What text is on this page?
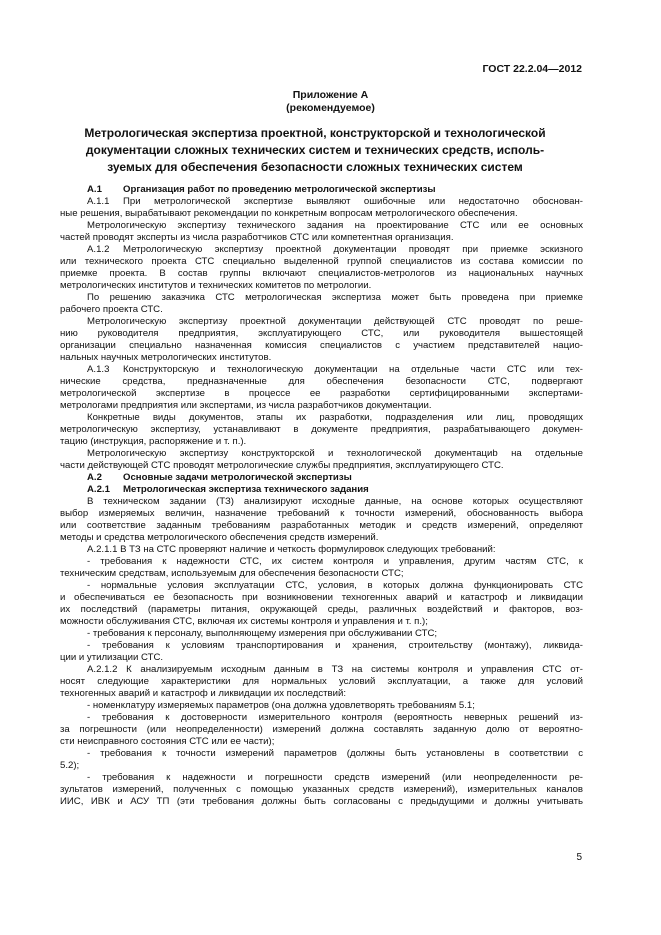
ГОСТ 22.2.04—2012
Приложение А
(рекомендуемое)
Метрологическая экспертиза проектной, конструкторской и технологической
документации сложных технических систем и технических средств, исполь-
зуемых для обеспечения безопасности сложных технических систем
А.1 Организация работ по проведению метрологической экспертизы
А.1.1 При метрологической экспертизе выявляют ошибочные или недостаточно обоснован-
ные решения, вырабатывают рекомендации по конкретным вопросам метрологического обеспечения.
Метрологическую экспертизу технического задания на проектирование СТС или ее основных
частей проводят эксперты из числа разработчиков СТС или компетентная организация.
А.1.2 Метрологическую экспертизу проектной документации проводят при приемке эскизного
или технического проекта СТС специально выделенной группой специалистов из состава комиссии по
приемке проекта. В состав группы включают специалистов-метрологов из национальных научных
метрологических институтов и технических комитетов по метрологии.
По решению заказчика СТС метрологическая экспертиза может быть проведена при приемке
рабочего проекта СТС.
Метрологическую экспертизу проектной документации действующей СТС проводят по реше-
нию руководителя предприятия, эксплуатирующего СТС, или руководителя вышестоящей
организации специально назначенная комиссия специалистов с участием представителей нацио-
нальных научных метрологических институтов.
А.1.3 Конструкторскую и технологическую документации на отдельные части СТС или тех-
нические средства, предназначенные для обеспечения безопасности СТС, подвергают
метрологической экспертизе в процессе ее разработки сертифицированными экспертами-
метрологами предприятия или экспертами, из числа разработчиков документации.
Конкретные виды документов, этапы их разработки, подразделения или лиц, проводящих
метрологическую экспертизу, устанавливают в документе предприятия, разрабатывающего докумен-
тацию (инструкция, распоряжение и т. п.).
Метрологическую экспертизу конструкторской и технологической документациb на отдельные
части действующей СТС проводят метрологические службы предприятия, эксплуатирующего СТС.
А.2 Основные задачи метрологической экспертизы
А.2.1 Метрологическая экспертиза технического задания
В техническом задании (ТЗ) анализируют исходные данные, на основе которых осуществляют
выбор измеряемых величин, назначение требований к точности измерений, обоснованность выбора
или соответствие заданным требованиям разработанных методик и средств измерений, определяют
методы и средства метрологического обеспечения средств измерений.
А.2.1.1 В ТЗ на СТС проверяют наличие и четкость формулировок следующих требований:
- требования к надежности СТС, их систем контроля и управления, другим частям СТС, к
техническим средствам, используемым для обеспечения безопасности СТС;
- нормальные условия эксплуатации СТС, условия, в которых должна функционировать СТС
и обеспечиваться ее безопасность при возникновении техногенных аварий и катастроф и ликвидации
их последствий (параметры питания, окружающей среды, различных воздействий и факторов, воз-
можности обслуживания СТС, включая их системы контроля и управления и т. п.);
- требования к персоналу, выполняющему измерения при обслуживании СТС;
- требования к условиям транспортирования и хранения, строительству (монтажу), ликвида-
ции и утилизации СТС.
А.2.1.2 К анализируемым исходным данным в ТЗ на системы контроля и управления СТС от-
носят следующие характеристики для нормальных условий эксплуатации, а также для условий
техногенных аварий и катастроф и ликвидации их последствий:
- номенклатуру измеряемых параметров (она должна удовлетворять требованиям 5.1;
- требования к достоверности измерительного контроля (вероятность неверных решений из-
за погрешности (или неопределенности) измерений должна составлять заданную долю от вероятно-
сти неисправного состояния СТС или ее части);
- требования к точности измерений параметров (должны быть установлены в соответствии с
5.2);
- требования к надежности и погрешности средств измерений (или неопределенности ре-
зультатов измерений, полученных с помощью указанных средств измерений), измерительных каналов
ИИС, ИВК и АСУ ТП (эти требования должны быть согласованы с предыдущими и должны учитывать
5
